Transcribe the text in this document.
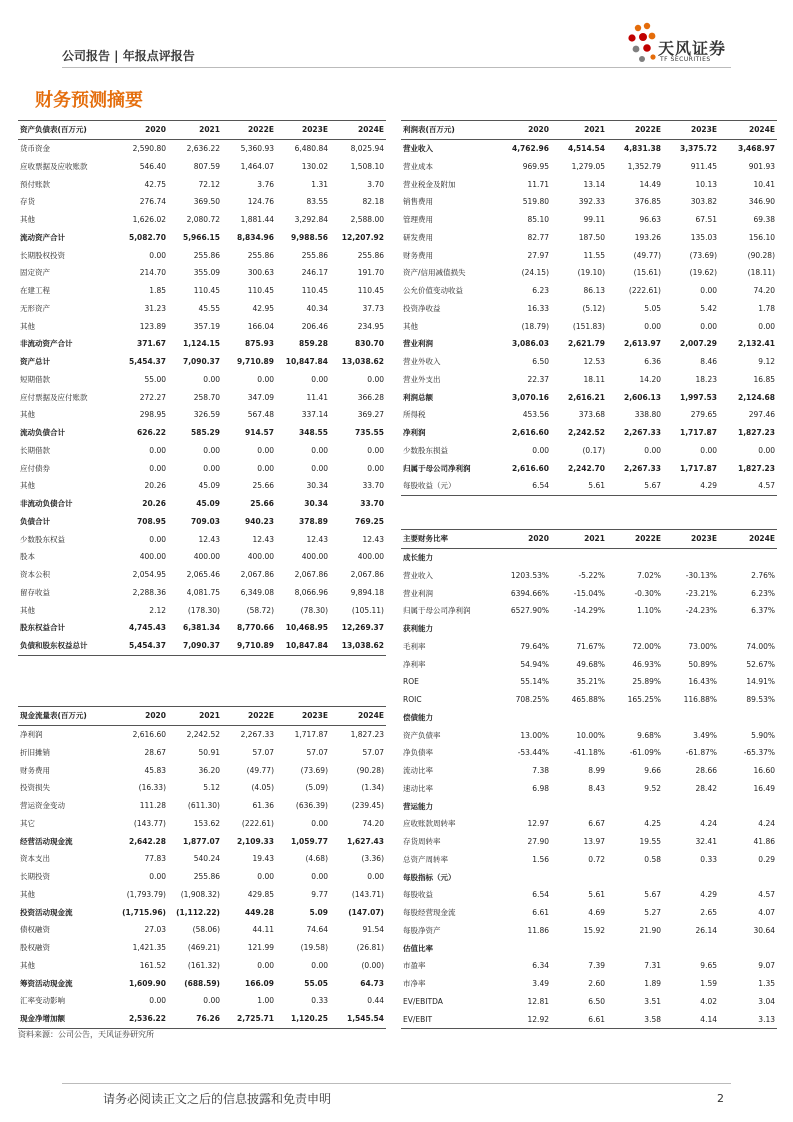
公司报告 | 年报点评报告	天风证券
TF SECURITIES
财务预测摘要
资产负债表(百万元)	2020	2021	2022E	2023E	2024E
货币资金	2,590.80	2,636.22	5,360.93	6,480.84	8,025.94
应收票据及应收账款	546.40	807.59	1,464.07	130.02	1,508.10
预付账款	42.75	72.12	3.76	1.31	3.70
存货	276.74	369.50	124.76	83.55	82.18
其他	1,626.02	2,080.72	1,881.44	3,292.84	2,588.00
流动资产合计	5,082.70	5,966.15	8,834.96	9,988.56	12,207.92
长期股权投资	0.00	255.86	255.86	255.86	255.86
固定资产	214.70	355.09	300.63	246.17	191.70
在建工程	1.85	110.45	110.45	110.45	110.45
无形资产	31.23	45.55	42.95	40.34	37.73
其他	123.89	357.19	166.04	206.46	234.95
非流动资产合计	371.67	1,124.15	875.93	859.28	830.70
资产总计	5,454.37	7,090.37	9,710.89	10,847.84	13,038.62
短期借款	55.00	0.00	0.00	0.00	0.00
应付票据及应付账款	272.27	258.70	347.09	11.41	366.28
其他	298.95	326.59	567.48	337.14	369.27
流动负债合计	626.22	585.29	914.57	348.55	735.55
长期借款	0.00	0.00	0.00	0.00	0.00
应付债券	0.00	0.00	0.00	0.00	0.00
其他	20.26	45.09	25.66	30.34	33.70
非流动负债合计	20.26	45.09	25.66	30.34	33.70
负债合计	708.95	709.03	940.23	378.89	769.25
少数股东权益	0.00	12.43	12.43	12.43	12.43
股本	400.00	400.00	400.00	400.00	400.00
资本公积	2,054.95	2,065.46	2,067.86	2,067.86	2,067.86
留存收益	2,288.36	4,081.75	6,349.08	8,066.96	9,894.18
其他	2.12	(178.30)	(58.72)	(78.30)	(105.11)
股东权益合计	4,745.43	6,381.34	8,770.66	10,468.95	12,269.37
负债和股东权益总计	5,454.37	7,090.37	9,710.89	10,847.84	13,038.62
利润表(百万元)	2020	2021	2022E	2023E	2024E
营业收入	4,762.96	4,514.54	4,831.38	3,375.72	3,468.97
营业成本	969.95	1,279.05	1,352.79	911.45	901.93
营业税金及附加	11.71	13.14	14.49	10.13	10.41
销售费用	519.80	392.33	376.85	303.82	346.90
管理费用	85.10	99.11	96.63	67.51	69.38
研发费用	82.77	187.50	193.26	135.03	156.10
财务费用	27.97	11.55	(49.77)	(73.69)	(90.28)
资产/信用减值损失	(24.15)	(19.10)	(15.61)	(19.62)	(18.11)
公允价值变动收益	6.23	86.13	(222.61)	0.00	74.20
投资净收益	16.33	(5.12)	5.05	5.42	1.78
其他	(18.79)	(151.83)	0.00	0.00	0.00
营业利润	3,086.03	2,621.79	2,613.97	2,007.29	2,132.41
营业外收入	6.50	12.53	6.36	8.46	9.12
营业外支出	22.37	18.11	14.20	18.23	16.85
利润总额	3,070.16	2,616.21	2,606.13	1,997.53	2,124.68
所得税	453.56	373.68	338.80	279.65	297.46
净利润	2,616.60	2,242.52	2,267.33	1,717.87	1,827.23
少数股东损益	0.00	(0.17)	0.00	0.00	0.00
归属于母公司净利润	2,616.60	2,242.70	2,267.33	1,717.87	1,827.23
每股收益（元）	6.54	5.61	5.67	4.29	4.57
主要财务比率	2020	2021	2022E	2023E	2024E
成长能力					
营业收入	1203.53%	-5.22%	7.02%	-30.13%	2.76%
营业利润	6394.66%	-15.04%	-0.30%	-23.21%	6.23%
归属于母公司净利润	6527.90%	-14.29%	1.10%	-24.23%	6.37%
获利能力					
毛利率	79.64%	71.67%	72.00%	73.00%	74.00%
净利率	54.94%	49.68%	46.93%	50.89%	52.67%
ROE	55.14%	35.21%	25.89%	16.43%	14.91%
ROIC	708.25%	465.88%	165.25%	116.88%	89.53%
偿债能力					
资产负债率	13.00%	10.00%	9.68%	3.49%	5.90%
净负债率	-53.44%	-41.18%	-61.09%	-61.87%	-65.37%
流动比率	7.38	8.99	9.66	28.66	16.60
速动比率	6.98	8.43	9.52	28.42	16.49
营运能力					
应收账款周转率	12.97	6.67	4.25	4.24	4.24
存货周转率	27.90	13.97	19.55	32.41	41.86
总资产周转率	1.56	0.72	0.58	0.33	0.29
每股指标（元）					
每股收益	6.54	5.61	5.67	4.29	4.57
每股经营现金流	6.61	4.69	5.27	2.65	4.07
每股净资产	11.86	15.92	21.90	26.14	30.64
估值比率					
市盈率	6.34	7.39	7.31	9.65	9.07
市净率	3.49	2.60	1.89	1.59	1.35
EV/EBITDA	12.81	6.50	3.51	4.02	3.04
EV/EBIT	12.92	6.61	3.58	4.14	3.13
现金流量表(百万元)	2020	2021	2022E	2023E	2024E
净利润	2,616.60	2,242.52	2,267.33	1,717.87	1,827.23
折旧摊销	28.67	50.91	57.07	57.07	57.07
财务费用	45.83	36.20	(49.77)	(73.69)	(90.28)
投资损失	(16.33)	5.12	(4.05)	(5.09)	(1.34)
营运资金变动	111.28	(611.30)	61.36	(636.39)	(239.45)
其它	(143.77)	153.62	(222.61)	0.00	74.20
经营活动现金流	2,642.28	1,877.07	2,109.33	1,059.77	1,627.43
资本支出	77.83	540.24	19.43	(4.68)	(3.36)
长期投资	0.00	255.86	0.00	0.00	0.00
其他	(1,793.79)	(1,908.32)	429.85	9.77	(143.71)
投资活动现金流	(1,715.96)	(1,112.22)	449.28	5.09	(147.07)
债权融资	27.03	(58.06)	44.11	74.64	91.54
股权融资	1,421.35	(469.21)	121.99	(19.58)	(26.81)
其他	161.52	(161.32)	0.00	0.00	(0.00)
筹资活动现金流	1,609.90	(688.59)	166.09	55.05	64.73
汇率变动影响	0.00	0.00	1.00	0.33	0.44
现金净增加额	2,536.22	76.26	2,725.71	1,120.25	1,545.54
资料来源：公司公告，天风证券研究所
请务必阅读正文之后的信息披露和免责申明	2
